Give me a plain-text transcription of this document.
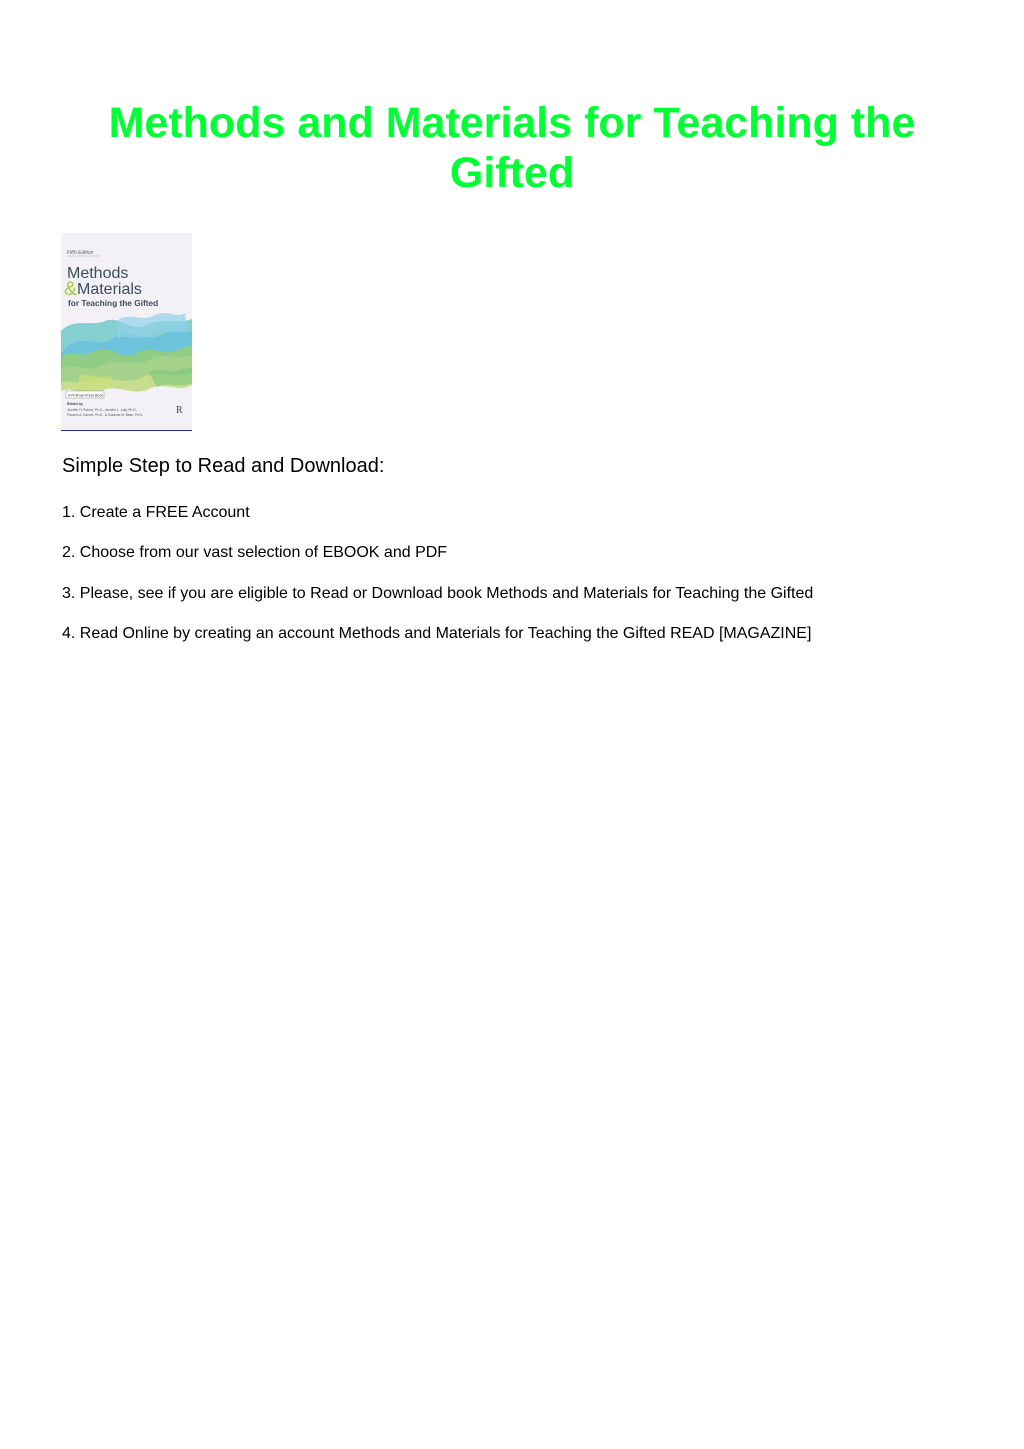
Methods and Materials for Teaching the Gifted
Fifth Edition
Methods
& Materials
for Teaching the Gifted
A Prufrock Press Book
Edited by
Jennifer H. Robins, Ph.D., Jennifer L. Jolly, Ph.D.,
Frances A. Karnes, Ph.D., & Suzanne M. Bean, Ph.D.	R
Simple Step to Read and Download:

1. Create a FREE Account

2. Choose from our vast selection of EBOOK and PDF

3. Please, see if you are eligible to Read or Download book Methods and Materials for Teaching the Gifted

4. Read Online by creating an account Methods and Materials for Teaching the Gifted READ [MAGAZINE]
